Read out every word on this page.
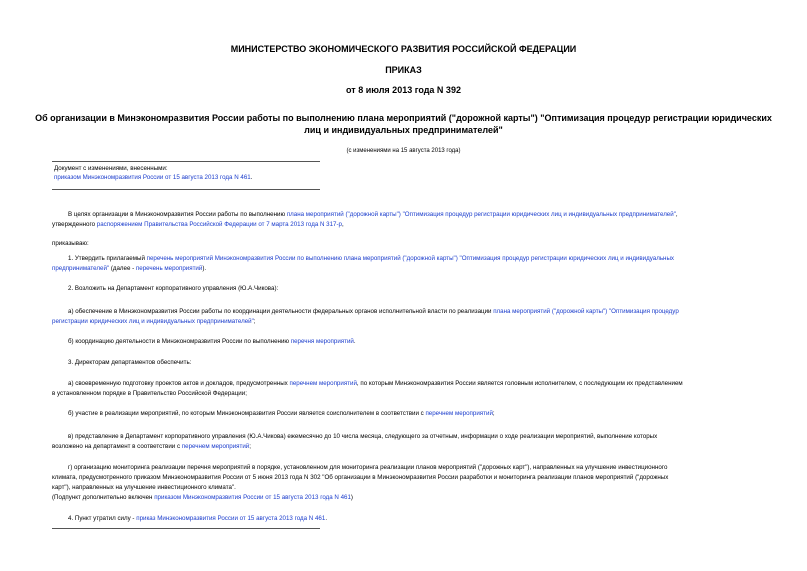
МИНИСТЕРСТВО ЭКОНОМИЧЕСКОГО РАЗВИТИЯ РОССИЙСКОЙ ФЕДЕРАЦИИ
ПРИКАЗ
от 8 июля 2013 года N 392
Об организации в Минэкономразвития России работы по выполнению плана мероприятий ("дорожной карты") "Оптимизация процедур регистрации юридических
лиц и индивидуальных предпринимателей"
(с изменениями на 15 августа 2013 года)
Документ с изменениями, внесенными:
приказом Минэкономразвития России от 15 августа 2013 года N 461.
В целях организации в Минэкономразвития России работы по выполнению плана мероприятий ("дорожной карты") "Оптимизация процедур регистрации юридических лиц и индивидуальных предпринимателей",
утвержденного распоряжением Правительства Российской Федерации от 7 марта 2013 года N 317-р,
приказываю:
1. Утвердить прилагаемый перечень мероприятий Минэкономразвития России по выполнению плана мероприятий ("дорожной карты") "Оптимизация процедур регистрации юридических лиц и индивидуальных
предпринимателей" (далее - перечень мероприятий).
2. Возложить на Департамент корпоративного управления (Ю.А.Чикова):
а) обеспечение в Минэкономразвития России работы по координации деятельности федеральных органов исполнительной власти по реализации плана мероприятий ("дорожной карты") "Оптимизация процедур
регистрации юридических лиц и индивидуальных предпринимателей";
б) координацию деятельности в Минэкономразвития России по выполнению перечня мероприятий.
3. Директорам департаментов обеспечить:
а) своевременную подготовку проектов актов и докладов, предусмотренных перечнем мероприятий, по которым Минэкономразвития России является головным исполнителем, с последующим их представлением
в установленном порядке в Правительство Российской Федерации;
б) участие в реализации мероприятий, по которым Минэкономразвития России является соисполнителем в соответствии с перечнем мероприятий;
в) представление в Департамент корпоративного управления (Ю.А.Чикова) ежемесячно до 10 числа месяца, следующего за отчетным, информации о ходе реализации мероприятий, выполнение которых
возложено на департамент в соответствии с перечнем мероприятий;
г) организацию мониторинга реализации перечня мероприятий в порядке, установленном для мониторинга реализации планов мероприятий ("дорожных карт"), направленных на улучшение инвестиционного
климата, предусмотренного приказом Минэкономразвития России от 5 июня 2013 года N 302 "Об организации в Минэкономразвития России разработки и мониторинга реализации планов мероприятий ("дорожных
карт"), направленных на улучшение инвестиционного климата".
(Подпункт дополнительно включен приказом Минэкономразвития России от 15 августа 2013 года N 461)
4. Пункт утратил силу - приказ Минэкономразвития России от 15 августа 2013 года N 461.
